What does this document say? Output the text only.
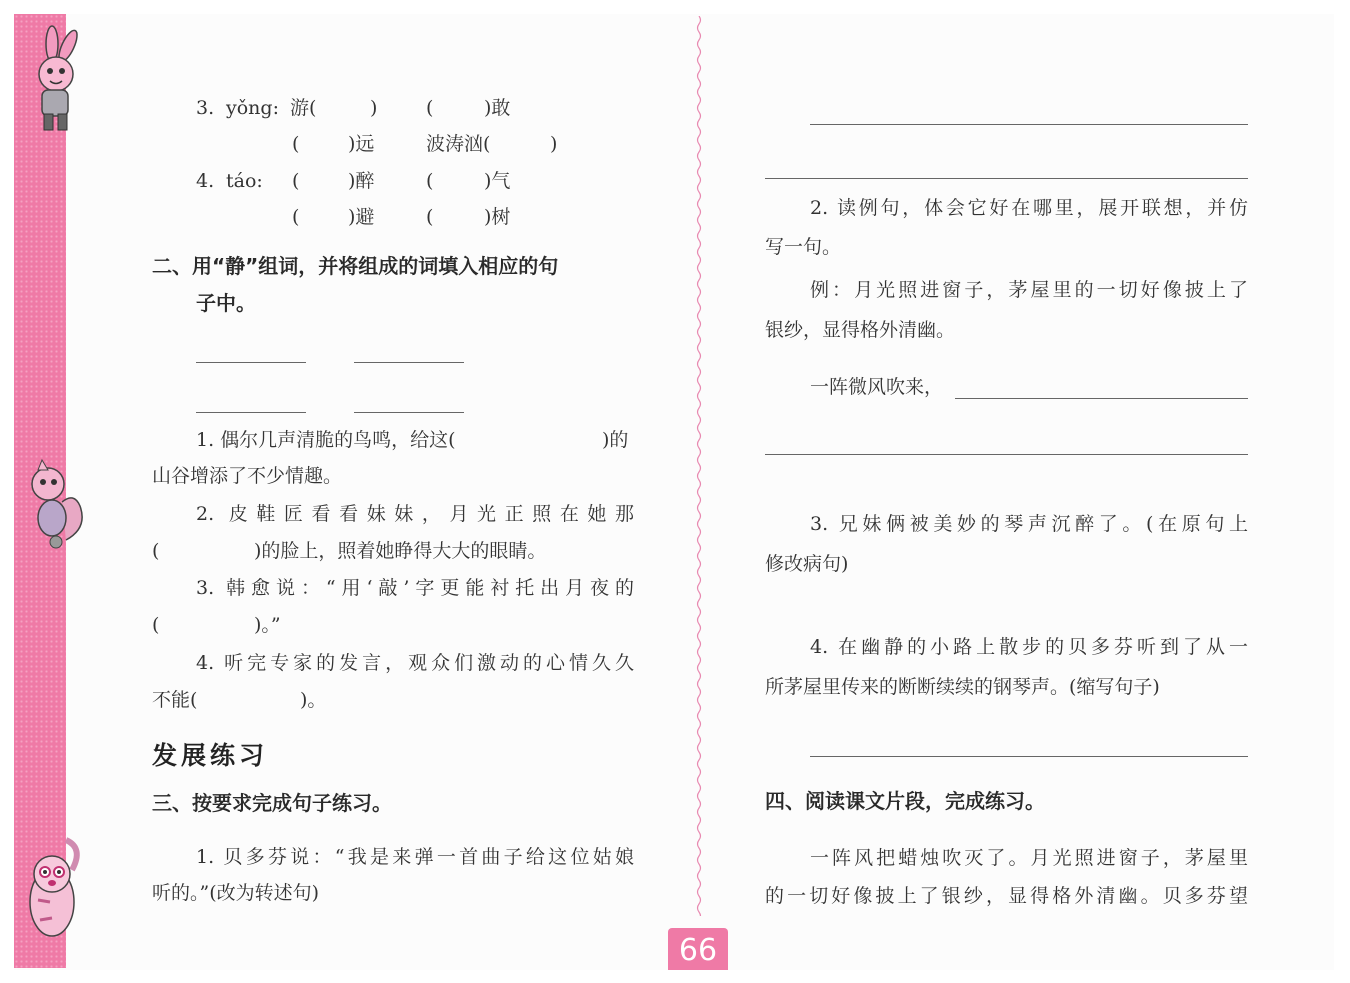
3. yǒng: 游(	)	(	)敢
(	)远	波涛汹(	)
4. táo: (	)醉	(	)气
(	)避	(	)树
二、用“静”组词，并将组成的词填入相应的句
子中。
1. 偶尔几声清脆的鸟鸣，给这(	)的
山谷增添了不少情趣。
2. 皮鞋匠看看妹妹，月光正照在她那
(	)的脸上，照着她睁得大大的眼睛。
3. 韩愈说：“用‘敲’字更能衬托出月夜的
(	)。”
4. 听完专家的发言，观众们激动的心情久久
不能(	)。
发展练习
三、按要求完成句子练习。
1. 贝多芬说：“我是来弹一首曲子给这位姑娘
听的。”(改为转述句)
2. 读例句，体会它好在哪里，展开联想，并仿
写一句。
例：月光照进窗子，茅屋里的一切好像披上了
银纱，显得格外清幽。
一阵微风吹来，
3. 兄妹俩被美妙的琴声沉醉了。(在原句上
修改病句)
4. 在幽静的小路上散步的贝多芬听到了从一
所茅屋里传来的断断续续的钢琴声。(缩写句子)
四、阅读课文片段，完成练习。
一阵风把蜡烛吹灭了。月光照进窗子，茅屋里
的一切好像披上了银纱，显得格外清幽。贝多芬望
66
